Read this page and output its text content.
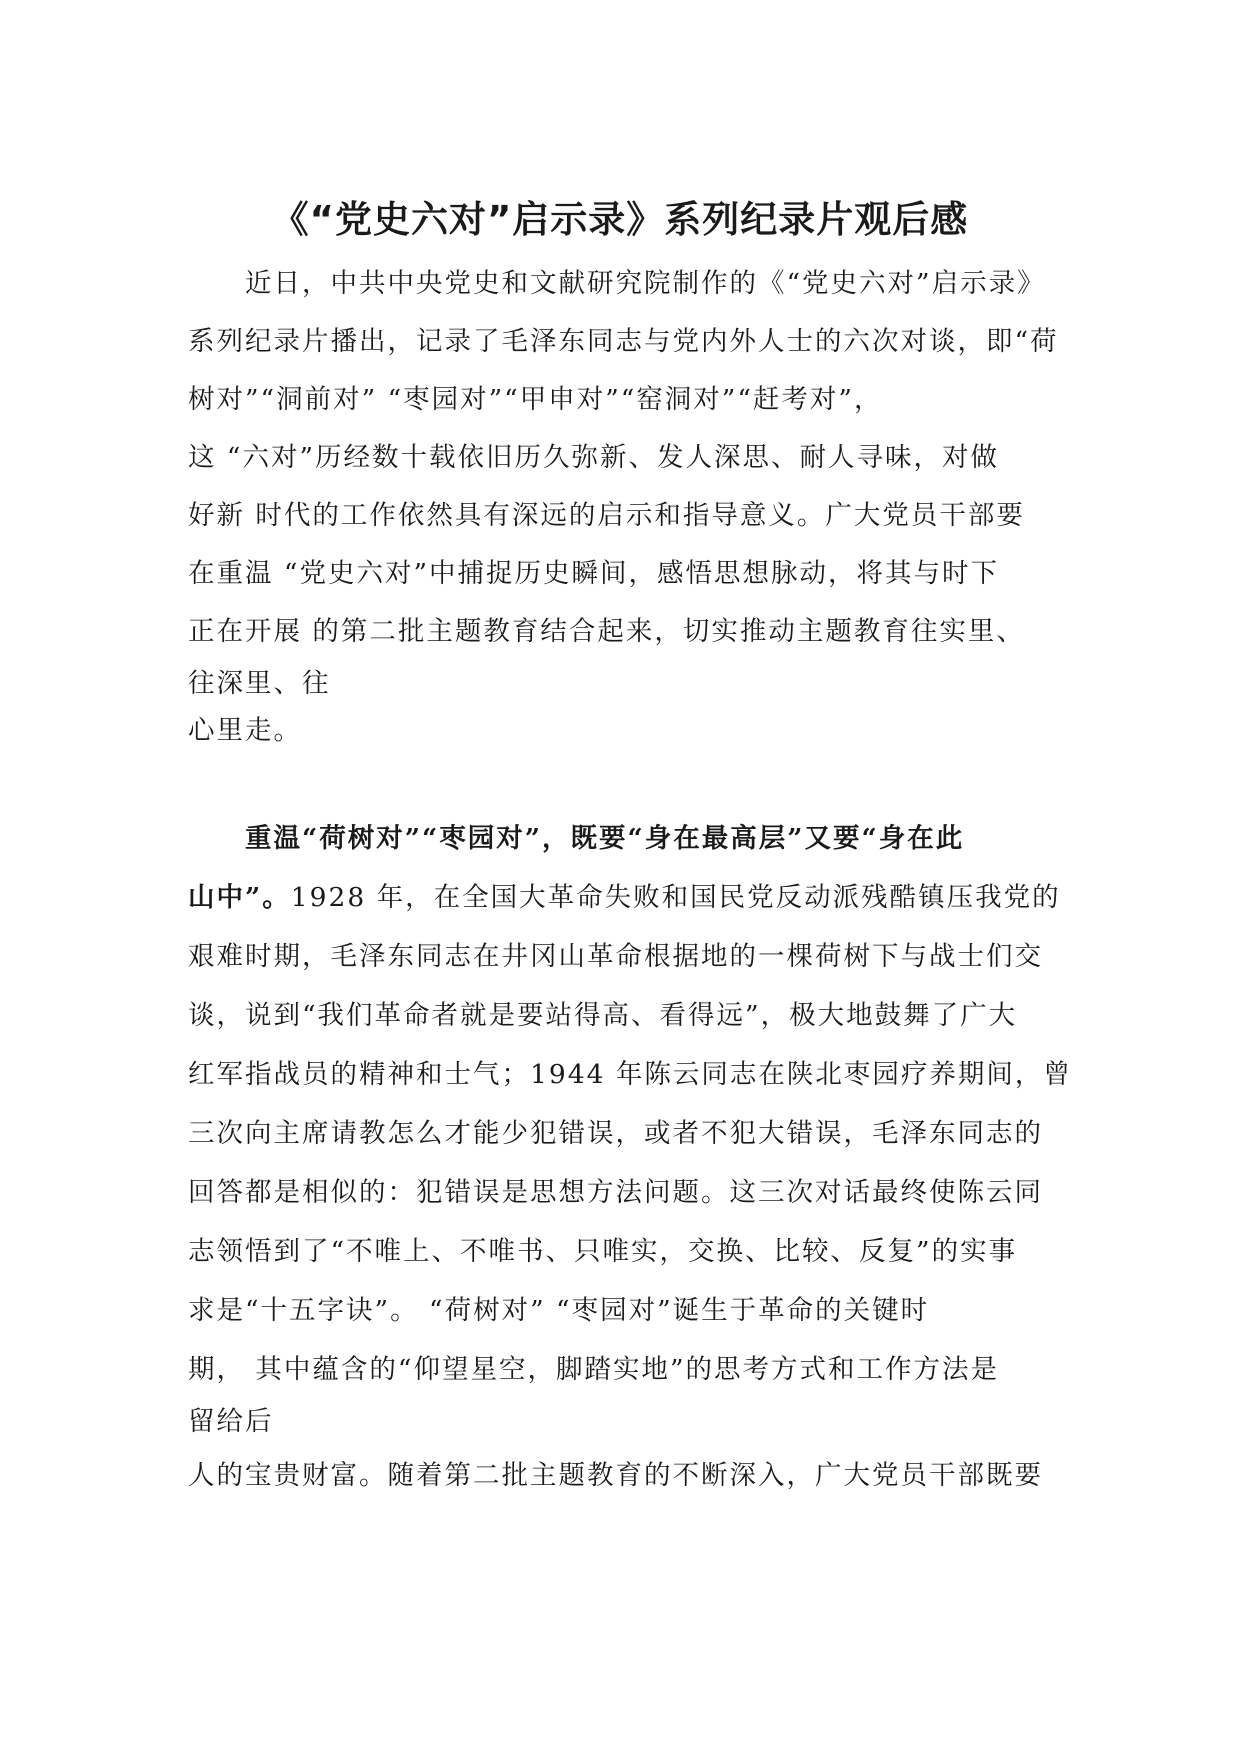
《“党史六对”启示录》系列纪录片观后感
　　近日，中共中央党史和文献研究院制作的《“党史六对”启示录》
系列纪录片播出，记录了毛泽东同志与党内外人士的六次对谈，即“荷
树对”“洞前对” “枣园对”“甲申对”“窑洞对”“赶考对”，
这 “六对”历经数十载依旧历久弥新、发人深思、耐人寻味，对做
好新 时代的工作依然具有深远的启示和指导意义。广大党员干部要
在重温 “党史六对”中捕捉历史瞬间，感悟思想脉动，将其与时下
正在开展 的第二批主题教育结合起来，切实推动主题教育往实里、
往深里、往
心里走。
　　重温“荷树对”“枣园对”，既要“身在最高层”又要“身在此
山中”。1928 年，在全国大革命失败和国民党反动派残酷镇压我党的
艰难时期，毛泽东同志在井冈山革命根据地的一棵荷树下与战士们交
谈，说到“我们革命者就是要站得高、看得远”，极大地鼓舞了广大
红军指战员的精神和士气；1944 年陈云同志在陕北枣园疗养期间，曾
三次向主席请教怎么才能少犯错误，或者不犯大错误，毛泽东同志的
回答都是相似的：犯错误是思想方法问题。这三次对话最终使陈云同
志领悟到了“不唯上、不唯书、只唯实，交换、比较、反复”的实事
求是“十五字诀”。 “荷树对” “枣园对”诞生于革命的关键时
期， 其中蕴含的“仰望星空，脚踏实地”的思考方式和工作方法是
留给后
人的宝贵财富。随着第二批主题教育的不断深入，广大党员干部既要
